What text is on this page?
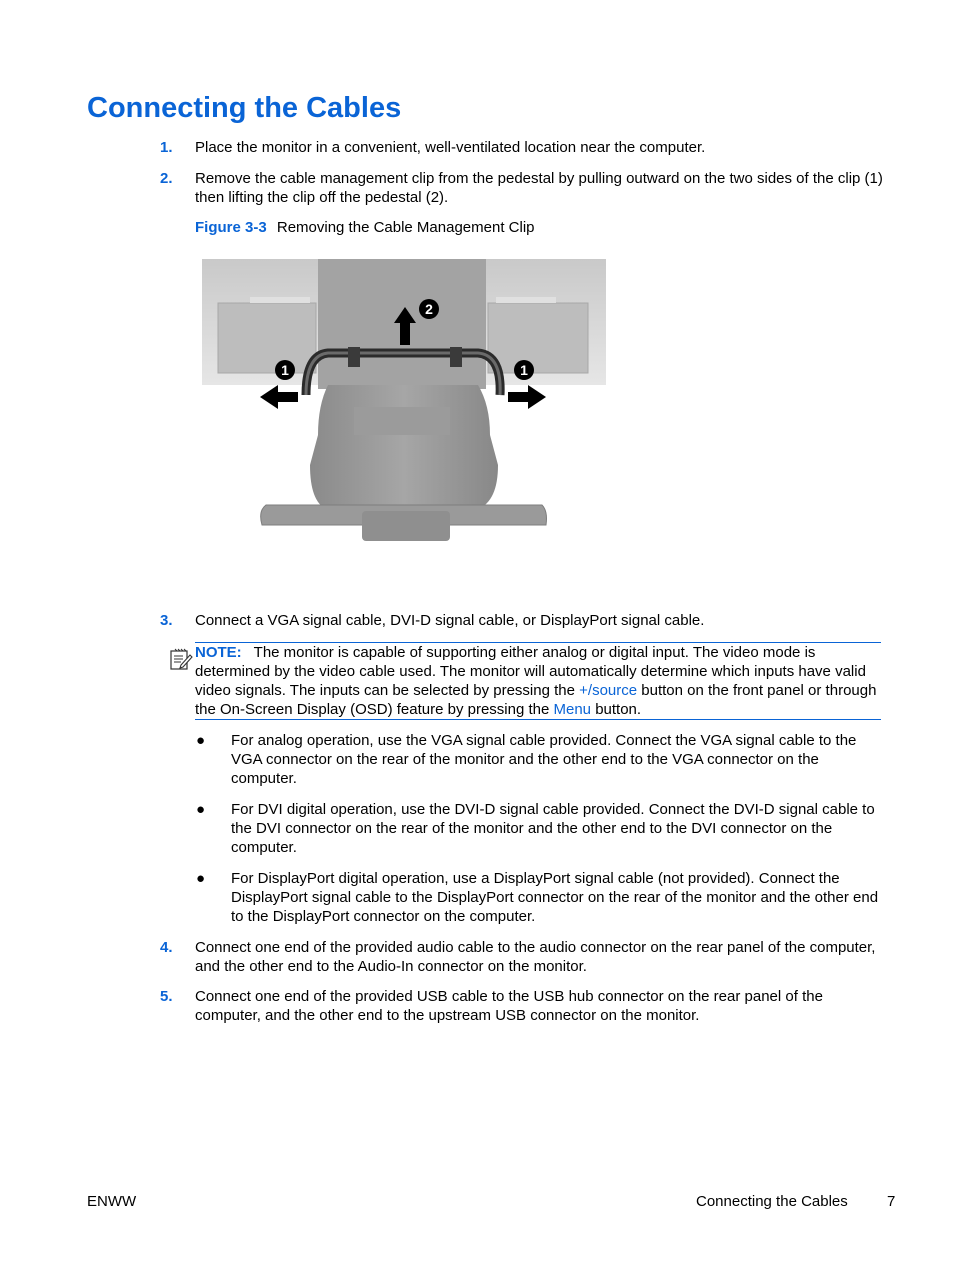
Connecting the Cables
1.	Place the monitor in a convenient, well-ventilated location near the computer.
2.	Remove the cable management clip from the pedestal by pulling outward on the two sides of the clip (1) then lifting the clip off the pedestal (2).
Figure 3-3 Removing the Cable Management Clip
1
2
1
3.	Connect a VGA signal cable, DVI-D signal cable, or DisplayPort signal cable.

NOTE: The monitor is capable of supporting either analog or digital input. The video mode is determined by the video cable used. The monitor will automatically determine which inputs have valid video signals. The inputs can be selected by pressing the +/source button on the front panel or through the On-Screen Display (OSD) feature by pressing the Menu button.

● For analog operation, use the VGA signal cable provided. Connect the VGA signal cable to the VGA connector on the rear of the monitor and the other end to the VGA connector on the computer.
● For DVI digital operation, use the DVI-D signal cable provided. Connect the DVI-D signal cable to the DVI connector on the rear of the monitor and the other end to the DVI connector on the computer.
● For DisplayPort digital operation, use a DisplayPort signal cable (not provided). Connect the DisplayPort signal cable to the DisplayPort connector on the rear of the monitor and the other end to the DisplayPort connector on the computer.
4.	Connect one end of the provided audio cable to the audio connector on the rear panel of the computer, and the other end to the Audio-In connector on the monitor.
5.	Connect one end of the provided USB cable to the USB hub connector on the rear panel of the computer, and the other end to the upstream USB connector on the monitor.
ENWW	Connecting the Cables	7
